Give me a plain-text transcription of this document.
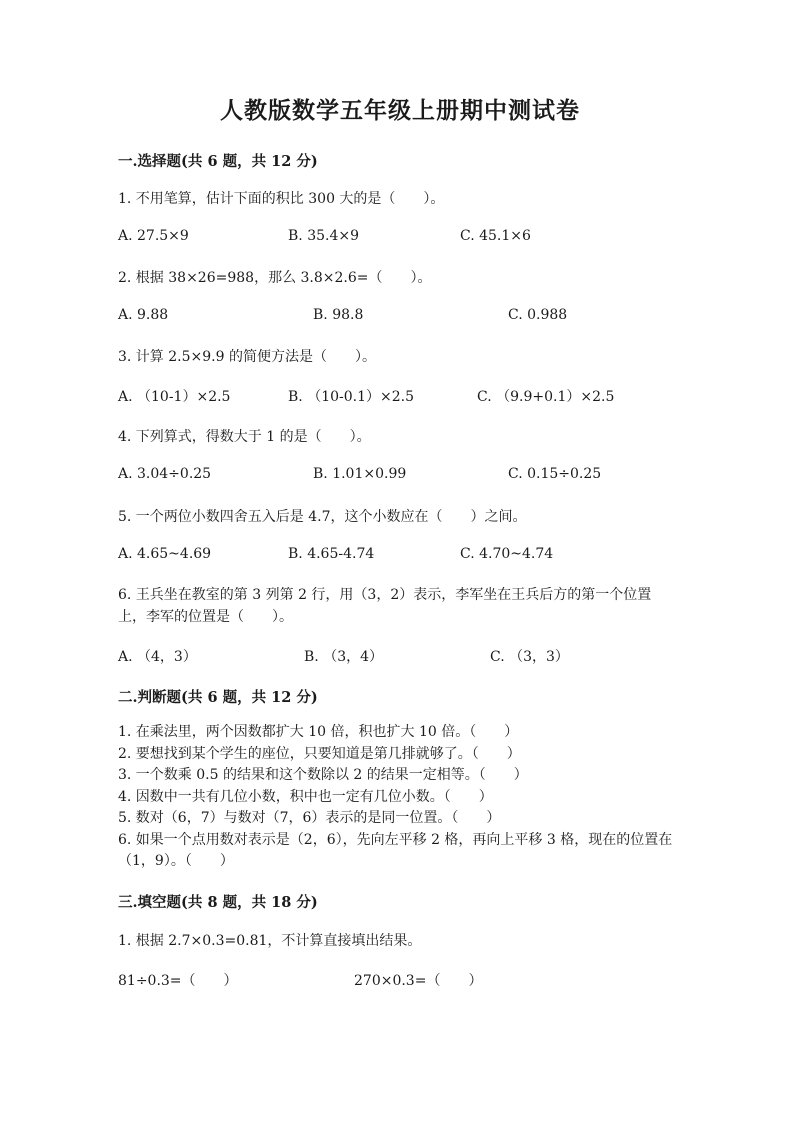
人教版数学五年级上册期中测试卷
一.选择题(共 6 题，共 12 分)
1. 不用笔算，估计下面的积比 300 大的是（　　）。
A. 27.5×9	B. 35.4×9	C. 45.1×6
2. 根据 38×26=988，那么 3.8×2.6=（　　）。
A. 9.88	B. 98.8	C. 0.988
3. 计算 2.5×9.9 的简便方法是（　　）。
A. （10-1）×2.5	B. （10-0.1）×2.5	C. （9.9+0.1）×2.5
4. 下列算式，得数大于 1 的是（　　）。
A. 3.04÷0.25	B. 1.01×0.99	C. 0.15÷0.25
5. 一个两位小数四舍五入后是 4.7，这个小数应在（　　）之间。
A. 4.65~4.69	B. 4.65-4.74	C. 4.70~4.74
6. 王兵坐在教室的第 3 列第 2 行，用（3，2）表示，李军坐在王兵后方的第一个位置上，李军的位置是（　　）。
A. （4，3）	B. （3，4）	C. （3，3）
二.判断题(共 6 题，共 12 分)
1. 在乘法里，两个因数都扩大 10 倍，积也扩大 10 倍。（　　）
2. 要想找到某个学生的座位，只要知道是第几排就够了。（　　）
3. 一个数乘 0.5 的结果和这个数除以 2 的结果一定相等。（　　）
4. 因数中一共有几位小数，积中也一定有几位小数。（　　）
5. 数对（6，7）与数对（7，6）表示的是同一位置。（　　）
6. 如果一个点用数对表示是（2，6），先向左平移 2 格，再向上平移 3 格，现在的位置在（1，9）。（　　）
三.填空题(共 8 题，共 18 分)
1. 根据 2.7×0.3=0.81，不计算直接填出结果。
81÷0.3=（　　）	270×0.3=（　　）
